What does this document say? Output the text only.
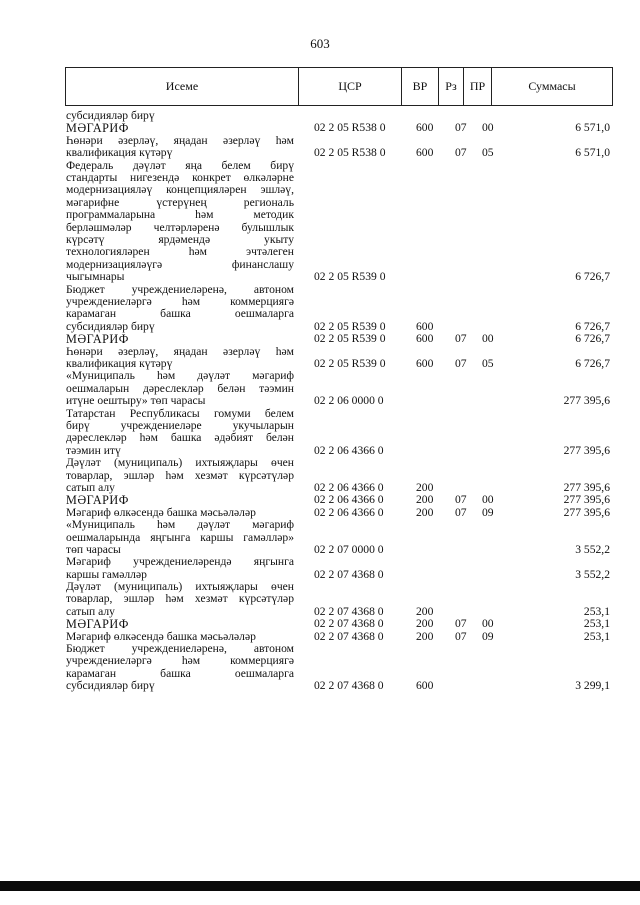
603
Исеме	ЦСР	ВР	Рз	ПР	Суммасы
субсидияләр бирү
МӘГАРИФ	02 2 05 R538 0	600 07 00	6 571,0
Һөнәри әзерләү, яңадан әзерләү һәм
квалификация күтәрү	02 2 05 R538 0	600 07 05	6 571,0
Федераль дәүләт яңа белем бирү
стандарты нигезендә конкрет өлкәләрне
модернизацияләү концепцияләрен эшләү,
мәгарифне үстерүнең региональ
программаларына һәм методик
берләшмәләр челтәрләренә булышлык
күрсәтү ярдәмендә укыту
технологияләрен һәм эчтәлеген
модернизацияләүгә финанслашу
чыгымнары	02 2 05 R539 0	6 726,7
Бюджет учреждениеләренә, автоном
учреждениеләргә һәм коммерциягә
карамаган башка оешмаларга
субсидияләр бирү	02 2 05 R539 0	600	6 726,7
МӘГАРИФ	02 2 05 R539 0	600 07 00	6 726,7
Һөнәри әзерләү, яңадан әзерләү һәм
квалификация күтәрү	02 2 05 R539 0	600 07 05	6 726,7
«Муниципаль һәм дәүләт мәгариф
оешмаларын дәреслекләр белән тәэмин
итүне оештыру» төп чарасы	02 2 06 0000 0	277 395,6
Татарстан Республикасы гомуми белем
бирү учреждениеләре укучыларын
дәреслекләр һәм башка әдәбият белән
тәэмин итү	02 2 06 4366 0	277 395,6
Дәүләт (муниципаль) ихтыяҗлары өчен
товарлар, эшләр һәм хезмәт күрсәтүләр
сатып алу	02 2 06 4366 0	200	277 395,6
МӘГАРИФ	02 2 06 4366 0	200 07 00	277 395,6
Мәгариф өлкәсендә башка мәсьәләләр	02 2 06 4366 0	200 07 09	277 395,6
«Муниципаль һәм дәүләт мәгариф
оешмаларында яңгынга каршы гамәлләр»
төп чарасы	02 2 07 0000 0	3 552,2
Мәгариф учреждениеләрендә яңгынга
каршы гамәлләр	02 2 07 4368 0	3 552,2
Дәүләт (муниципаль) ихтыяҗлары өчен
товарлар, эшләр һәм хезмәт күрсәтүләр
сатып алу	02 2 07 4368 0	200	253,1
МӘГАРИФ	02 2 07 4368 0	200 07 00	253,1
Мәгариф өлкәсендә башка мәсьәләләр	02 2 07 4368 0	200 07 09	253,1
Бюджет учреждениеләренә, автоном
учреждениеләргә һәм коммерциягә
карамаган башка оешмаларга
субсидияләр бирү	02 2 07 4368 0	600	3 299,1
